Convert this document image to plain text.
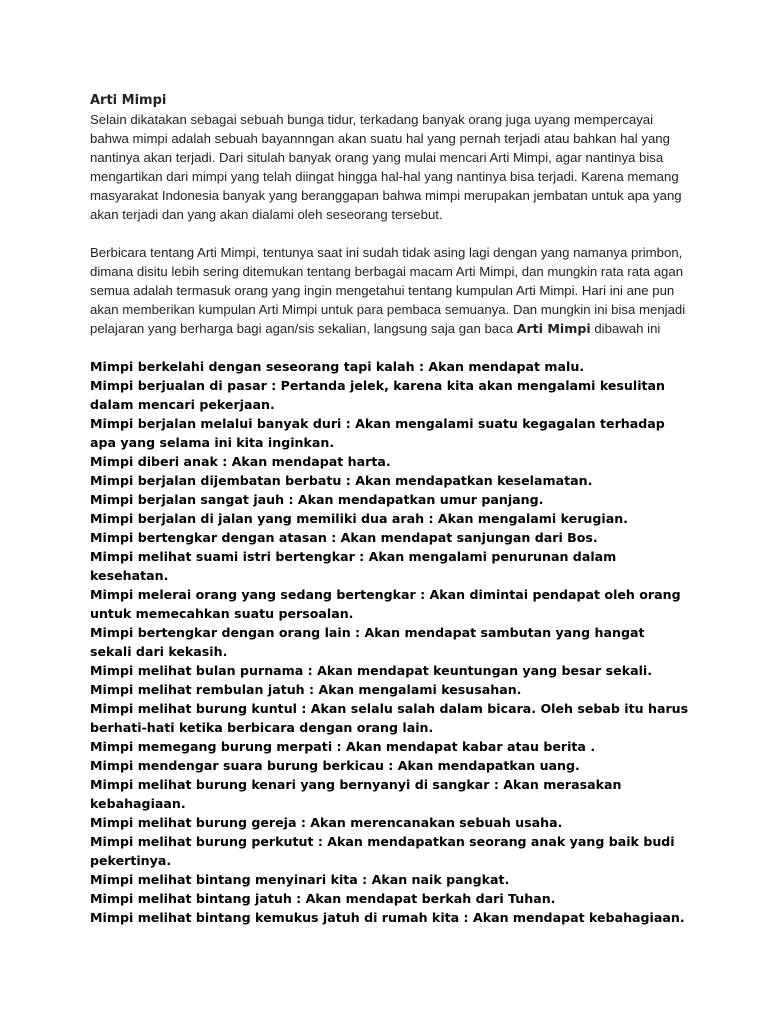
Arti Mimpi

Selain dikatakan sebagai sebuah bunga tidur, terkadang banyak orang juga uyang mempercayai bahwa mimpi adalah sebuah bayannngan akan suatu hal yang pernah terjadi atau bahkan hal yang nantinya akan terjadi. Dari situlah banyak orang yang mulai mencari Arti Mimpi, agar nantinya bisa mengartikan dari mimpi yang telah diingat hingga hal-hal yang nantinya bisa terjadi. Karena memang masyarakat Indonesia banyak yang beranggapan bahwa mimpi merupakan jembatan untuk apa yang akan terjadi dan yang akan dialami oleh seseorang tersebut.

Berbicara tentang Arti Mimpi, tentunya saat ini sudah tidak asing lagi dengan yang namanya primbon, dimana disitu lebih sering ditemukan tentang berbagai macam Arti Mimpi, dan mungkin rata rata agan semua adalah termasuk orang yang ingin mengetahui tentang kumpulan Arti Mimpi. Hari ini ane pun akan memberikan kumpulan Arti Mimpi untuk para pembaca semuanya. Dan mungkin ini bisa menjadi pelajaran yang berharga bagi agan/sis sekalian, langsung saja gan baca Arti Mimpi dibawah ini

Mimpi berkelahi dengan seseorang tapi kalah : Akan mendapat malu.
Mimpi berjualan di pasar : Pertanda jelek, karena kita akan mengalami kesulitan dalam mencari pekerjaan.
Mimpi berjalan melalui banyak duri : Akan mengalami suatu kegagalan terhadap apa yang selama ini kita inginkan.
Mimpi diberi anak : Akan mendapat harta.
Mimpi berjalan dijembatan berbatu : Akan mendapatkan keselamatan.
Mimpi berjalan sangat jauh : Akan mendapatkan umur panjang.
Mimpi berjalan di jalan yang memiliki dua arah : Akan mengalami kerugian.
Mimpi bertengkar dengan atasan : Akan mendapat sanjungan dari Bos.
Mimpi melihat suami istri bertengkar : Akan mengalami penurunan dalam kesehatan.
Mimpi melerai orang yang sedang bertengkar : Akan dimintai pendapat oleh orang untuk memecahkan suatu persoalan.
Mimpi bertengkar dengan orang lain : Akan mendapat sambutan yang hangat sekali dari kekasih.
Mimpi melihat bulan purnama : Akan mendapat keuntungan yang besar sekali.
Mimpi melihat rembulan jatuh : Akan mengalami kesusahan.
Mimpi melihat burung kuntul : Akan selalu salah dalam bicara. Oleh sebab itu harus berhati-hati ketika berbicara dengan orang lain.
Mimpi memegang burung merpati : Akan mendapat kabar atau berita .
Mimpi mendengar suara burung berkicau : Akan mendapatkan uang.
Mimpi melihat burung kenari yang bernyanyi di sangkar : Akan merasakan kebahagiaan.
Mimpi melihat burung gereja : Akan merencanakan sebuah usaha.
Mimpi melihat burung perkutut : Akan mendapatkan seorang anak yang baik budi pekertinya.
Mimpi melihat bintang menyinari kita : Akan naik pangkat.
Mimpi melihat bintang jatuh : Akan mendapat berkah dari Tuhan.
Mimpi melihat bintang kemukus jatuh di rumah kita : Akan mendapat kebahagiaan.
